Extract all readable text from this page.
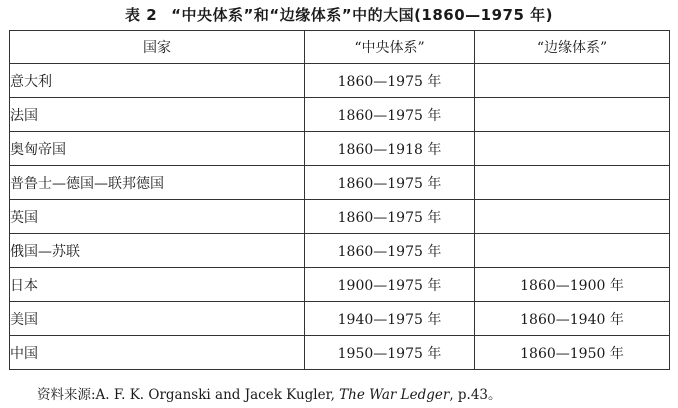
表 2 “中央体系”和“边缘体系”中的大国(1860—1975 年)
国家	“中央体系”	“边缘体系”
意大利	1860—1975 年	
法国	1860—1975 年	
奥匈帝国	1860—1918 年	
普鲁士—德国—联邦德国	1860—1975 年	
英国	1860—1975 年	
俄国—苏联	1860—1975 年	
日本	1900—1975 年	1860—1900 年
美国	1940—1975 年	1860—1940 年
中国	1950—1975 年	1860—1950 年
资料来源:A. F. K. Organski and Jacek Kugler, The War Ledger, p.43。
